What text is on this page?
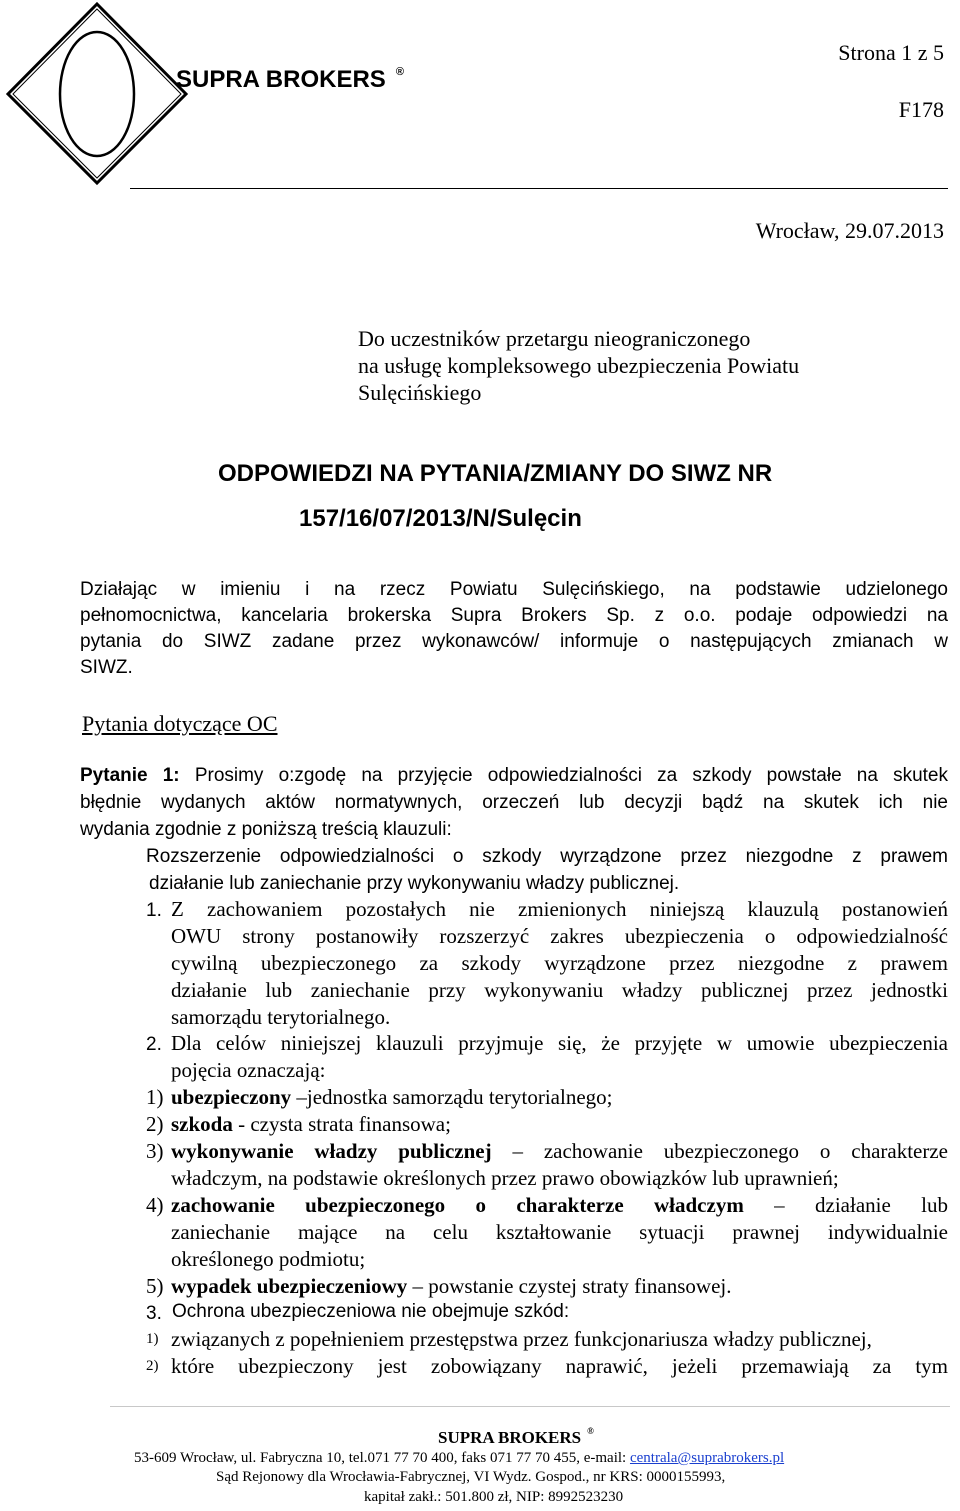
SUPRA BROKERS ®
Strona 1 z 5
F178
Wrocław, 29.07.2013
Do uczestników przetargu nieograniczonego
na usługę kompleksowego ubezpieczenia Powiatu
Sulęcińskiego
ODPOWIEDZI NA PYTANIA/ZMIANY DO SIWZ NR
157/16/07/2013/N/Sulęcin
Działając w imieniu i na rzecz Powiatu Sulęcińskiego, na podstawie udzielonego
pełnomocnictwa, kancelaria brokerska Supra Brokers Sp. z o.o. podaje odpowiedzi na
pytania do SIWZ zadane przez wykonawców/ informuje o następujących zmianach w
SIWZ.
Pytania dotyczące OC
Pytanie 1: Prosimy o:zgodę na przyjęcie odpowiedzialności za szkody powstałe na skutek
błędnie wydanych aktów normatywnych, orzeczeń lub decyzji bądź na skutek ich nie
wydania zgodnie z poniższą treścią klauzuli:
Rozszerzenie odpowiedzialności o szkody wyrządzone przez niezgodne z prawem
działanie lub zaniechanie przy wykonywaniu władzy publicznej.
1. Z zachowaniem pozostałych nie zmienionych niniejszą klauzulą postanowień
OWU strony postanowiły rozszerzyć zakres ubezpieczenia o odpowiedzialność
cywilną ubezpieczonego za szkody wyrządzone przez niezgodne z prawem
działanie lub zaniechanie przy wykonywaniu władzy publicznej przez jednostki
samorządu terytorialnego.
2. Dla celów niniejszej klauzuli przyjmuje się, że przyjęte w umowie ubezpieczenia
pojęcia oznaczają:
1) ubezpieczony –jednostka samorządu terytorialnego;
2) szkoda - czysta strata finansowa;
3) wykonywanie władzy publicznej – zachowanie ubezpieczonego o charakterze
władczym, na podstawie określonych przez prawo obowiązków lub uprawnień;
4) zachowanie ubezpieczonego o charakterze władczym – działanie lub
zaniechanie mające na celu kształtowanie sytuacji prawnej indywidualnie
określonego podmiotu;
5) wypadek ubezpieczeniowy – powstanie czystej straty finansowej.
3. Ochrona ubezpieczeniowa nie obejmuje szkód:
1) związanych z popełnieniem przestępstwa przez funkcjonariusza władzy publicznej,
2) które ubezpieczony jest zobowiązany naprawić, jeżeli przemawiają za tym
SUPRA BROKERS ®
53-609 Wrocław, ul. Fabryczna 10, tel.071 77 70 400, faks 071 77 70 455, e-mail: centrala@suprabrokers.pl
Sąd Rejonowy dla Wrocławia-Fabrycznej, VI Wydz. Gospod., nr KRS: 0000155993,
kapitał zakł.: 501.800 zł, NIP: 8992523230
